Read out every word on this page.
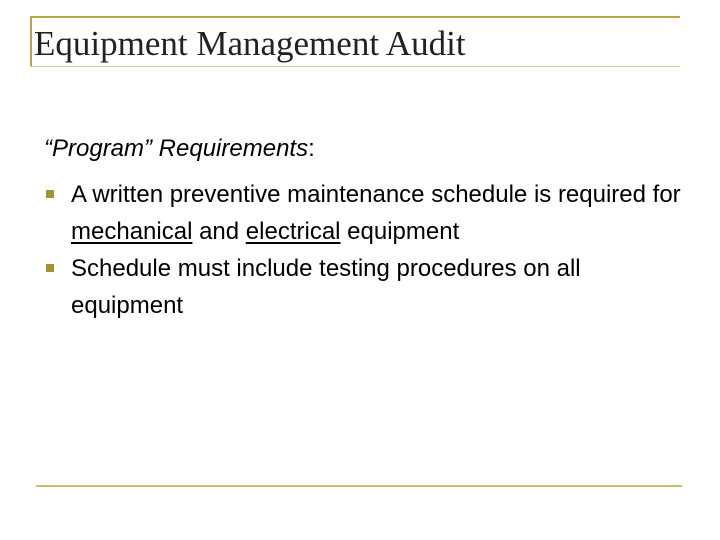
Equipment Management Audit

“Program” Requirements:

A written preventive maintenance schedule is required for mechanical and electrical equipment
Schedule must include testing procedures on all equipment
